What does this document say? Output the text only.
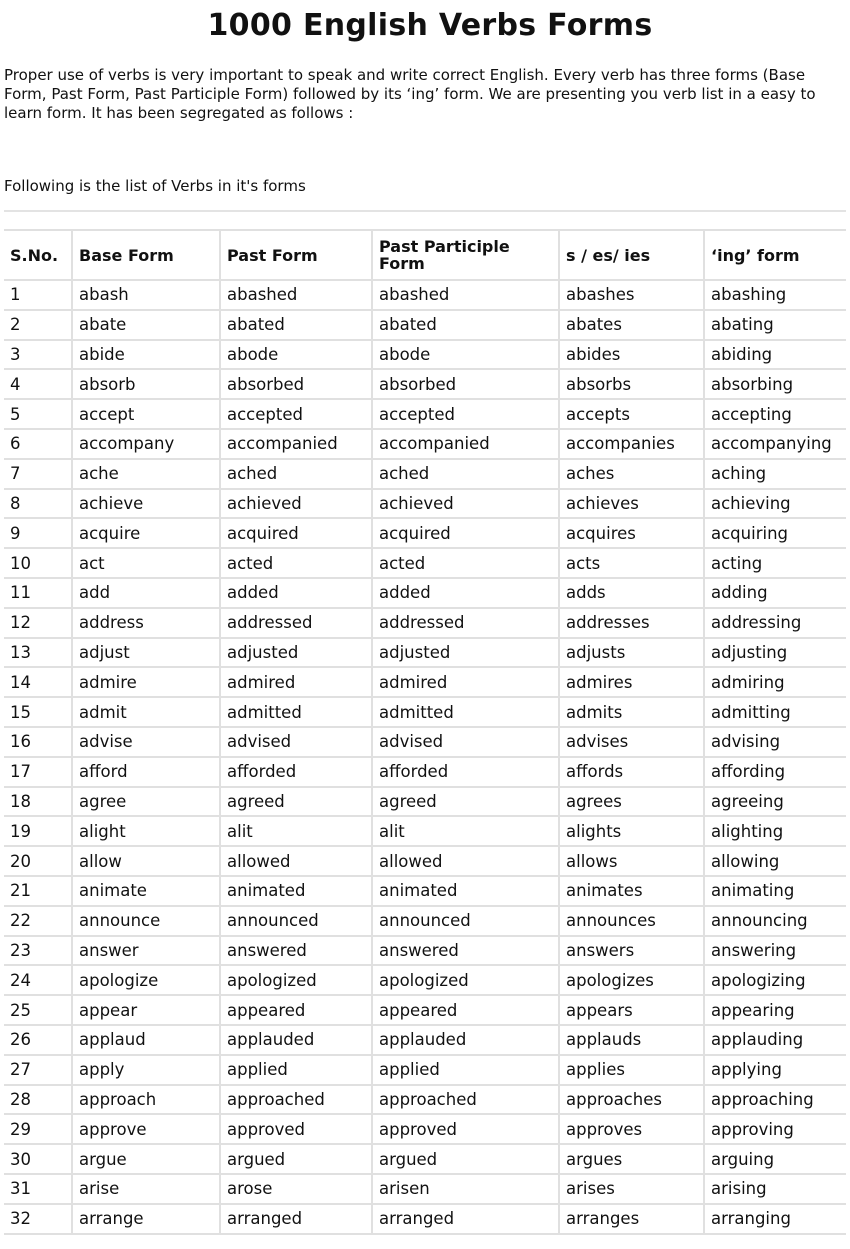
1000 English Verbs Forms

Proper use of verbs is very important to speak and write correct English. Every verb has three forms (Base Form, Past Form, Past Participle Form) followed by its ‘ing’ form. We are presenting you verb list in a easy to learn form. It has been segregated as follows :

Following is the list of Verbs in it's forms
S.No.	Base Form	Past Form	Past Participle Form	s / es/ ies	‘ing’ form
1	abash	abashed	abashed	abashes	abashing
2	abate	abated	abated	abates	abating
3	abide	abode	abode	abides	abiding
4	absorb	absorbed	absorbed	absorbs	absorbing
5	accept	accepted	accepted	accepts	accepting
6	accompany	accompanied	accompanied	accompanies	accompanying
7	ache	ached	ached	aches	aching
8	achieve	achieved	achieved	achieves	achieving
9	acquire	acquired	acquired	acquires	acquiring
10	act	acted	acted	acts	acting
11	add	added	added	adds	adding
12	address	addressed	addressed	addresses	addressing
13	adjust	adjusted	adjusted	adjusts	adjusting
14	admire	admired	admired	admires	admiring
15	admit	admitted	admitted	admits	admitting
16	advise	advised	advised	advises	advising
17	afford	afforded	afforded	affords	affording
18	agree	agreed	agreed	agrees	agreeing
19	alight	alit	alit	alights	alighting
20	allow	allowed	allowed	allows	allowing
21	animate	animated	animated	animates	animating
22	announce	announced	announced	announces	announcing
23	answer	answered	answered	answers	answering
24	apologize	apologized	apologized	apologizes	apologizing
25	appear	appeared	appeared	appears	appearing
26	applaud	applauded	applauded	applauds	applauding
27	apply	applied	applied	applies	applying
28	approach	approached	approached	approaches	approaching
29	approve	approved	approved	approves	approving
30	argue	argued	argued	argues	arguing
31	arise	arose	arisen	arises	arising
32	arrange	arranged	arranged	arranges	arranging
